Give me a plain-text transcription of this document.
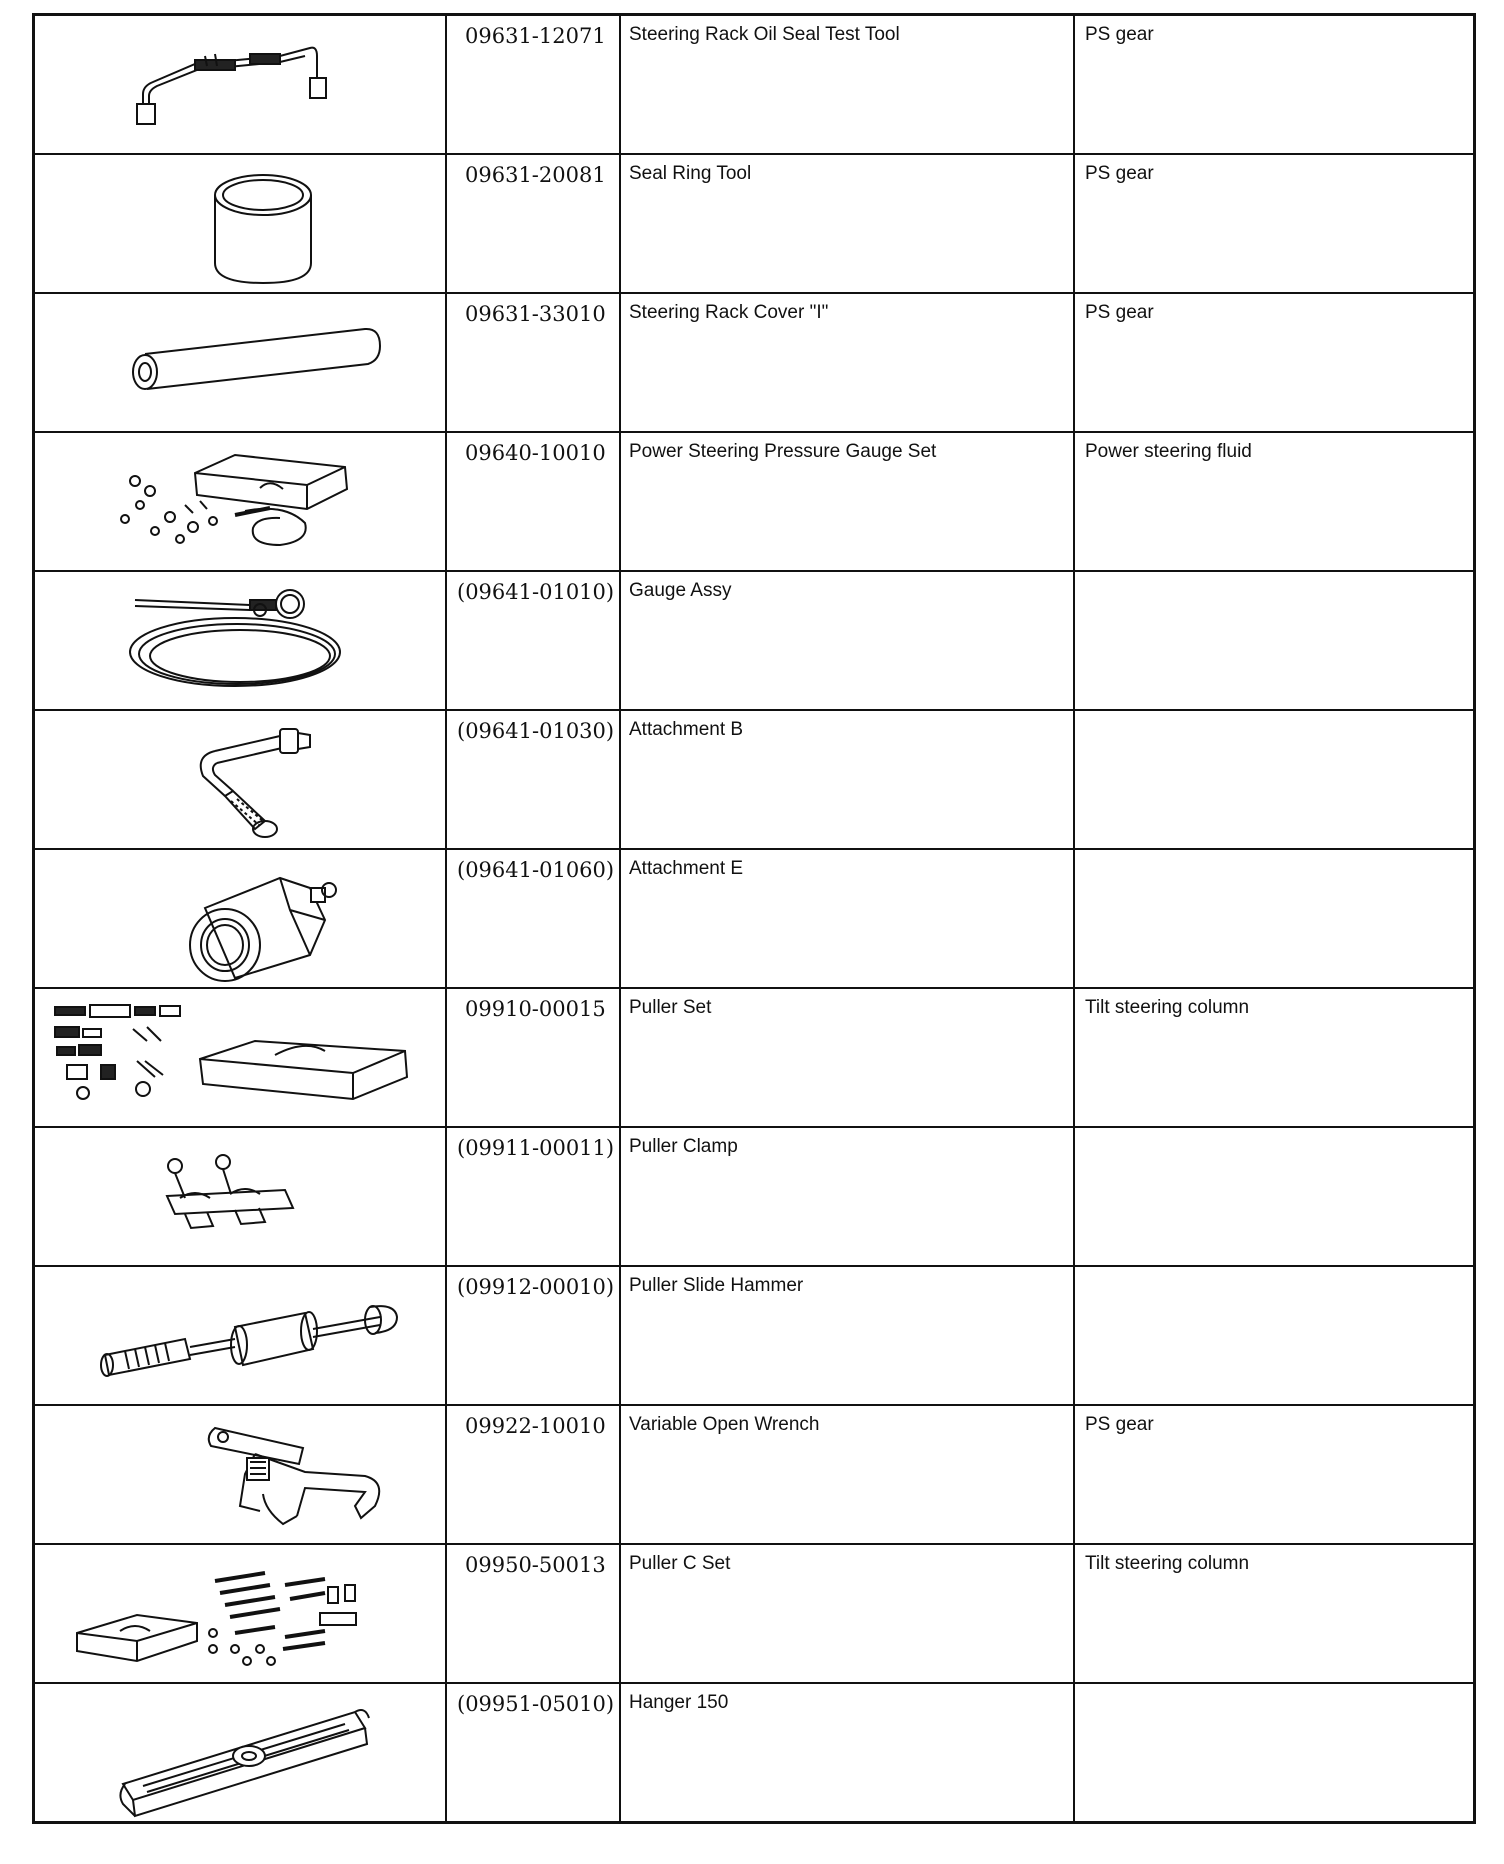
09631-12071	Steering Rack Oil Seal Test Tool	PS gear

09631-20081	Seal Ring Tool	PS gear

09631-33010	Steering Rack Cover "I"	PS gear

09640-10010	Power Steering Pressure Gauge Set	Power steering fluid

(09641-01010)	Gauge Assy	

(09641-01030)	Attachment B	

(09641-01060)	Attachment E	

09910-00015	Puller Set	Tilt steering column

(09911-00011)	Puller Clamp	

(09912-00010)	Puller Slide Hammer	

09922-10010	Variable Open Wrench	PS gear

09950-50013	Puller C Set	Tilt steering column

(09951-05010)	Hanger 150	
